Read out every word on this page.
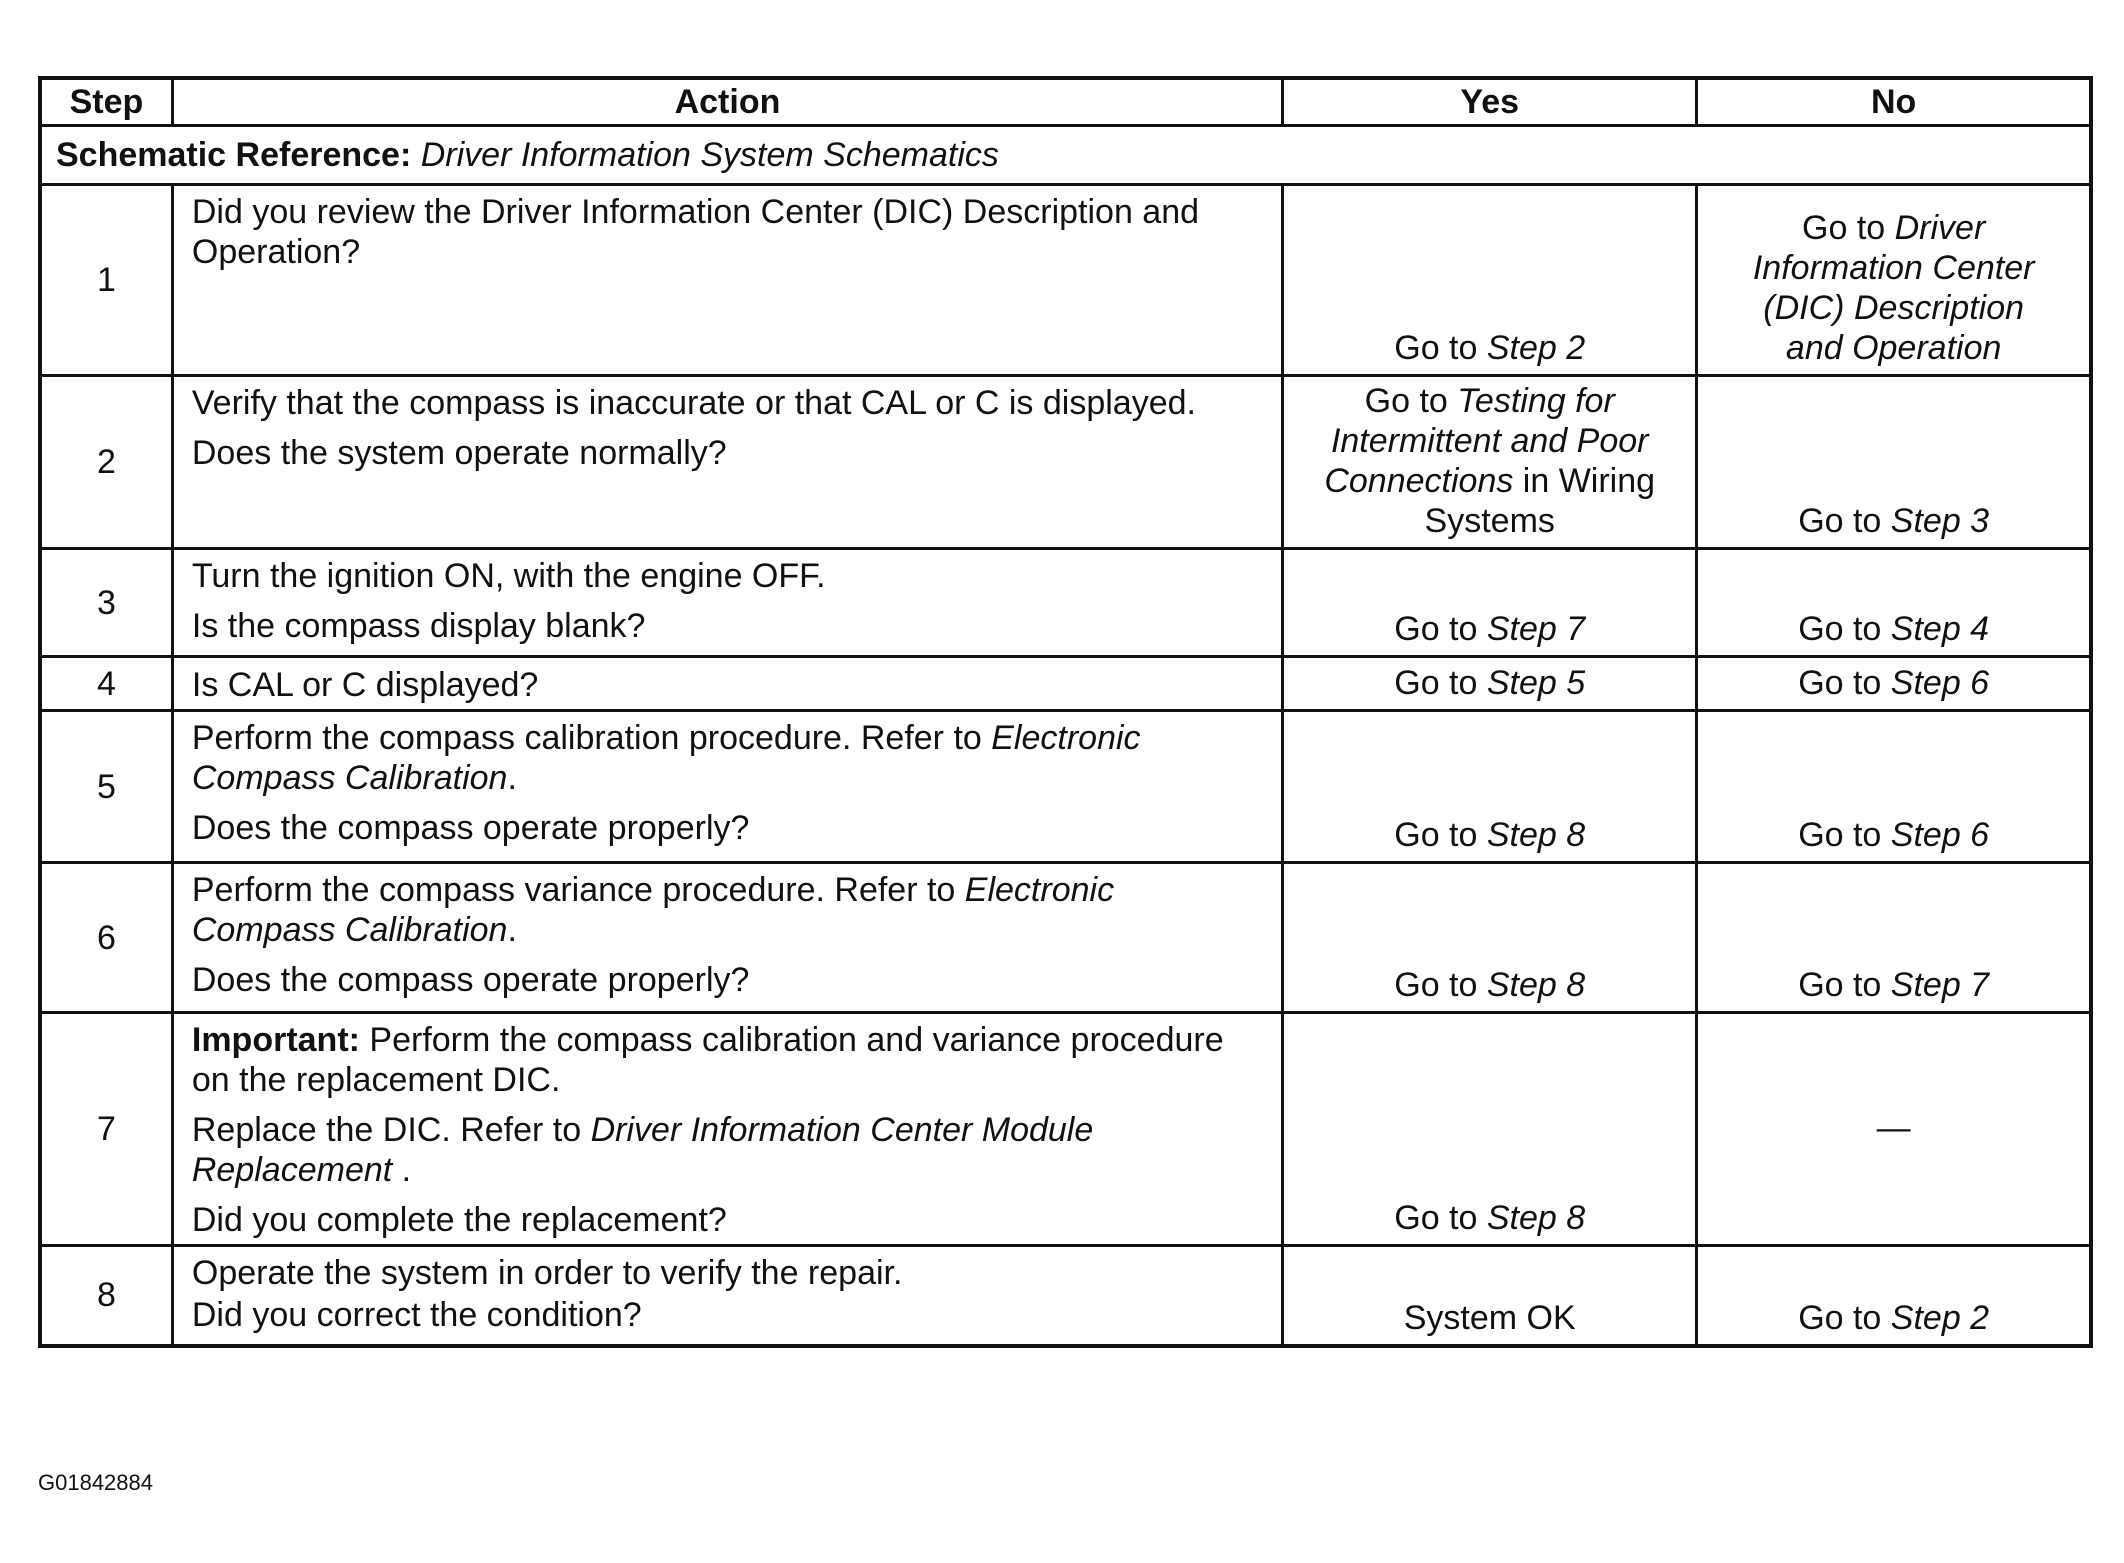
Step	Action	Yes	No
Schematic Reference: Driver Information System Schematics			
1	Did you review the Driver Information Center (DIC) Description and Operation?	Go to Step 2	Go to Driver Information Center (DIC) Description and Operation
2	Verify that the compass is inaccurate or that CAL or C is displayed.

Does the system operate normally?	Go to Testing for Intermittent and Poor Connections in Wiring Systems	Go to Step 3
3	Turn the ignition ON, with the engine OFF.

Is the compass display blank?	Go to Step 7	Go to Step 4
4	Is CAL or C displayed?	Go to Step 5	Go to Step 6
5	Perform the compass calibration procedure. Refer to Electronic Compass Calibration.

Does the compass operate properly?	Go to Step 8	Go to Step 6
6	Perform the compass variance procedure. Refer to Electronic Compass Calibration.

Does the compass operate properly?	Go to Step 8	Go to Step 7
7	Important: Perform the compass calibration and variance procedure on the replacement DIC.

Replace the DIC. Refer to Driver Information Center Module Replacement .

Did you complete the replacement?	Go to Step 8	—
8	Operate the system in order to verify the repair.

Did you correct the condition?	System OK	Go to Step 2
G01842884
